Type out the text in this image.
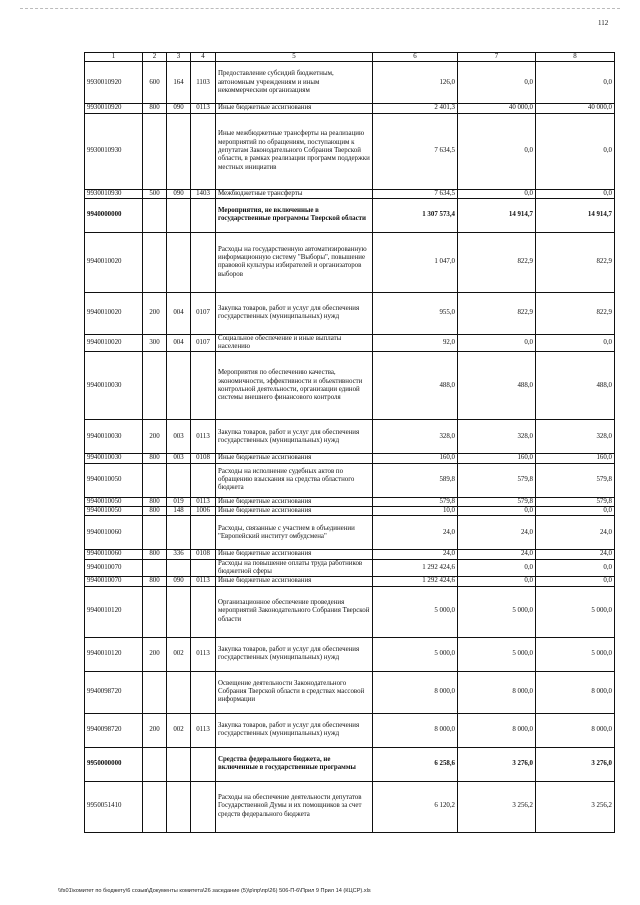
112
1	2	3	4	5	6	7	8
9930010920	600	164	1103	Предоставление субсидий бюджетным, автономным учреждениям и иным некоммерческим организациям	126,0	0,0	0,0
9930010920	800	090	0113	Иные бюджетные ассигнования	2 401,3	40 000,0	40 000,0
9930010930				Иные межбюджетные трансферты на реализацию мероприятий по обращениям, поступающим к депутатам Законодательного Собрания Тверской области, в рамках реализации программ поддержки местных инициатив	7 634,5	0,0	0,0
9930010930	500	090	1403	Межбюджетные трансферты	7 634,5	0,0	0,0
9940000000				Мероприятия, не включенные в государственные программы Тверской области	1 307 573,4	14 914,7	14 914,7
9940010020				Расходы на государственную автоматизированную информационную систему "Выборы", повышение правовой культуры избирателей и организаторов выборов	1 047,0	822,9	822,9
9940010020	200	004	0107	Закупка товаров, работ и услуг для обеспечения государственных (муниципальных) нужд	955,0	822,9	822,9
9940010020	300	004	0107	Социальное обеспечение и иные выплаты населению	92,0	0,0	0,0
9940010030				Мероприятия по обеспечению качества, экономичности, эффективности и объективности контрольной деятельности, организации единой системы внешнего финансового контроля	488,0	488,0	488,0
9940010030	200	003	0113	Закупка товаров, работ и услуг для обеспечения государственных (муниципальных) нужд	328,0	328,0	328,0
9940010030	800	003	0108	Иные бюджетные ассигнования	160,0	160,0	160,0
9940010050				Расходы на исполнение судебных актов по обращению взыскания на средства областного бюджета	589,8	579,8	579,8
9940010050	800	019	0113	Иные бюджетные ассигнования	579,8	579,8	579,8
9940010050	800	148	1006	Иные бюджетные ассигнования	10,0	0,0	0,0
9940010060				Расходы, связанные с участием в объединении "Европейский институт омбудсмена"	24,0	24,0	24,0
9940010060	800	336	0108	Иные бюджетные ассигнования	24,0	24,0	24,0
9940010070				Расходы на повышение оплаты труда работников бюджетной сферы	1 292 424,6	0,0	0,0
9940010070	800	090	0113	Иные бюджетные ассигнования	1 292 424,6	0,0	0,0
9940010120				Организационное обеспечение проведения мероприятий Законодательного Собрания Тверской области	5 000,0	5 000,0	5 000,0
9940010120	200	002	0113	Закупка товаров, работ и услуг для обеспечения государственных (муниципальных) нужд	5 000,0	5 000,0	5 000,0
9940098720				Освещение деятельности Законодательного Собрания Тверской области в средствах массовой информации	8 000,0	8 000,0	8 000,0
9940098720	200	002	0113	Закупка товаров, работ и услуг для обеспечения государственных (муниципальных) нужд	8 000,0	8 000,0	8 000,0
9950000000				Средства федерального бюджета, не включенные в государственные программы	6 258,6	3 276,0	3 276,0
9950051410				Расходы на обеспечение деятельности депутатов Государственной Думы и их помощников за счет средств федерального бюджета	6 120,2	3 256,2	3 256,2
\\fs01\комитет по бюджету\6 созыв\Документы комитета\26 заседание (5)\р\пр\пр\26) 506-П-6\Прил 9 Прил 14 (КЦСР).xls
